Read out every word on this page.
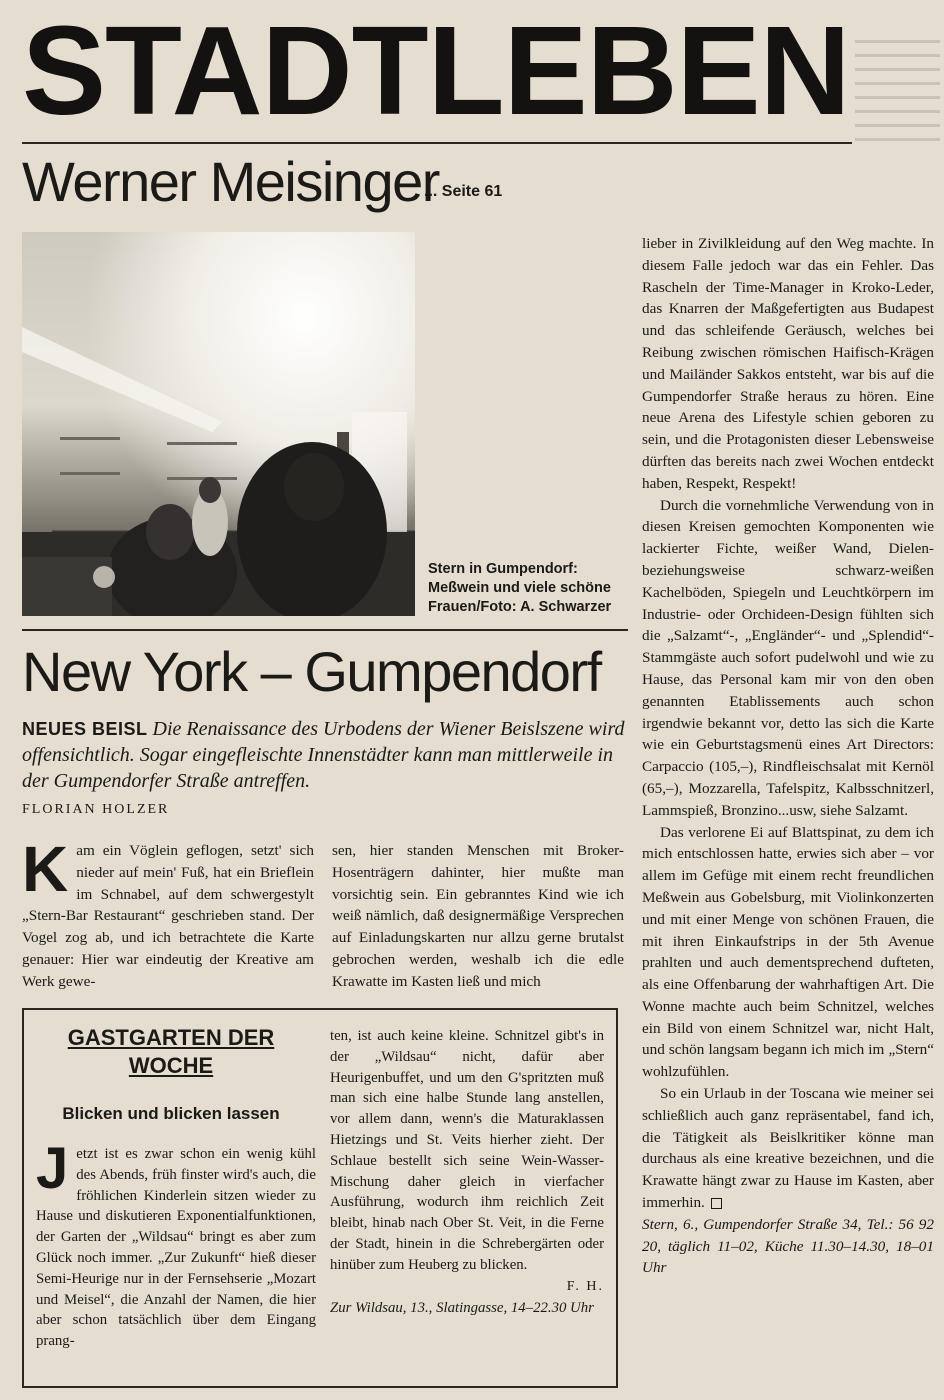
STADTLEBEN
Werner Meisinger
... Seite 61
Stern in Gumpendorf: Meßwein und viele schöne Frauen/Foto: A. Schwarzer
New York – Gumpendorf
NEUES BEISL Die Renaissance des Urbodens der Wiener Beislszene wird offensichtlich. Sogar eingefleischte Innenstädter kann man mittlerweile in der Gumpendorfer Straße antreffen.
FLORIAN HOLZER
Kam ein Vöglein geflogen, setzt' sich nieder auf mein' Fuß, hat ein Brieflein im Schnabel, auf dem schwergestylt „Stern-Bar Restaurant“ geschrieben stand. Der Vogel zog ab, und ich betrachtete die Karte genauer: Hier war eindeutig der Kreative am Werk gewe-
sen, hier standen Menschen mit Broker-Hosenträgern dahinter, hier mußte man vorsichtig sein. Ein gebranntes Kind wie ich weiß nämlich, daß designermäßige Versprechen auf Einladungskarten nur allzu gerne brutalst gebrochen werden, weshalb ich die edle Krawatte im Kasten ließ und mich

lieber in Zivilkleidung auf den Weg machte. In diesem Falle jedoch war das ein Fehler. Das Rascheln der Time-Manager in Kroko-Leder, das Knarren der Maßgefertigten aus Budapest und das schleifende Geräusch, welches bei Reibung zwischen römischen Haifisch-Krägen und Mailänder Sakkos entsteht, war bis auf die Gumpendorfer Straße heraus zu hören. Eine neue Arena des Lifestyle schien geboren zu sein, und die Protagonisten dieser Lebensweise dürften das bereits nach zwei Wochen entdeckt haben, Respekt, Respekt!

Durch die vornehmliche Verwendung von in diesen Kreisen gemochten Komponenten wie lackierter Fichte, weißer Wand, Dielen- beziehungsweise schwarz-weißen Kachelböden, Spiegeln und Leuchtkörpern im Industrie- oder Orchideen-Design fühlten sich die „Salzamt“-, „Engländer“- und „Splendid“-Stammgäste auch sofort pudelwohl und wie zu Hause, das Personal kam mir von den oben genannten Etablissements auch schon irgendwie bekannt vor, detto las sich die Karte wie ein Geburtstagsmenü eines Art Directors: Carpaccio (105,–), Rindfleischsalat mit Kernöl (65,–), Mozzarella, Tafelspitz, Kalbsschnitzerl, Lammspieß, Bronzino...usw, siehe Salzamt.

Das verlorene Ei auf Blattspinat, zu dem ich mich entschlossen hatte, erwies sich aber – vor allem im Gefüge mit einem recht freundlichen Meßwein aus Gobelsburg, mit Violinkonzerten und mit einer Menge von schönen Frauen, die mit ihren Einkaufstrips in der 5th Avenue prahlten und auch dementsprechend dufteten, als eine Offenbarung der wahrhaftigen Art. Die Wonne machte auch beim Schnitzel, welches ein Bild von einem Schnitzel war, nicht Halt, und schön langsam begann ich mich im „Stern“ wohlzufühlen.

So ein Urlaub in der Toscana wie meiner sei schließlich auch ganz repräsentabel, fand ich, die Tätigkeit als Beislkritiker könne man durchaus als eine kreative bezeichnen, und die Krawatte hängt zwar zu Hause im Kasten, aber immerhin.

Stern, 6., Gumpendorfer Straße 34, Tel.: 56 92 20, täglich 11–02, Küche 11.30–14.30, 18–01 Uhr

GASTGARTEN DER WOCHE
Blicken und blicken lassen
Jetzt ist es zwar schon ein wenig kühl des Abends, früh finster wird's auch, die fröhlichen Kinderlein sitzen wieder zu Hause und diskutieren Exponentialfunktionen, der Garten der „Wildsau“ bringt es aber zum Glück noch immer. „Zur Zukunft“ hieß dieser Semi-Heurige nur in der Fernsehserie „Mozart und Meisel“, die Anzahl der Namen, die hier aber schon tatsächlich über dem Eingang prang-

ten, ist auch keine kleine. Schnitzel gibt's in der „Wildsau“ nicht, dafür aber Heurigenbuffet, und um den G'spritzten muß man sich eine halbe Stunde lang anstellen, vor allem dann, wenn's die Maturaklassen Hietzings und St. Veits hierher zieht. Der Schlaue bestellt sich seine Wein-Wasser-Mischung daher gleich in vierfacher Ausführung, wodurch ihm reichlich Zeit bleibt, hinab nach Ober St. Veit, in die Ferne der Stadt, hinein in die Schrebergärten oder hinüber zum Heuberg zu blicken.

F. H.

Zur Wildsau, 13., Slatingasse, 14–22.30 Uhr
